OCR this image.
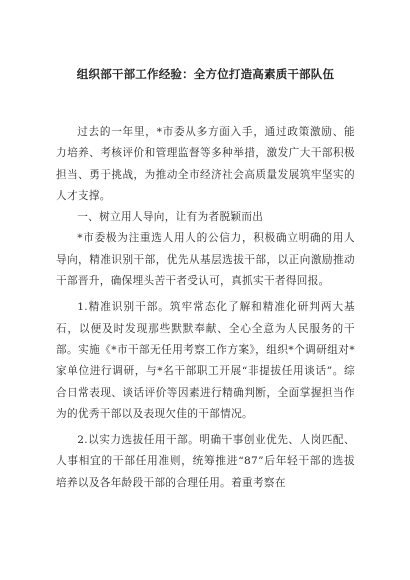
组织部干部工作经验：全方位打造高素质干部队伍

过去的一年里，*市委从多方面入手，通过政策激励、能力培养、考核评价和管理监督等多种举措，激发广大干部积极担当、勇于挑战，为推动全市经济社会高质量发展筑牢坚实的人才支撑。

一、树立用人导向，让有为者脱颖而出

*市委极为注重选人用人的公信力，积极确立明确的用人导向，精准识别干部，优先从基层选拔干部，以正向激励推动干部晋升，确保埋头苦干者受认可，真抓实干者得回报。

1.精准识别干部。筑牢常态化了解和精准化研判两大基石，以便及时发现那些默默奉献、全心全意为人民服务的干部。实施《*市干部无任用考察工作方案》，组织*个调研组对*家单位进行调研，与*名干部职工开展“非提拔任用谈话”。综合日常表现、谈话评价等因素进行精确判断，全面掌握担当作为的优秀干部以及表现欠佳的干部情况。

2.以实力选拔任用干部。明确干事创业优先、人岗匹配、人事相宜的干部任用准则，统筹推进“87”后年轻干部的选拔培养以及各年龄段干部的合理任用。着重考察在
